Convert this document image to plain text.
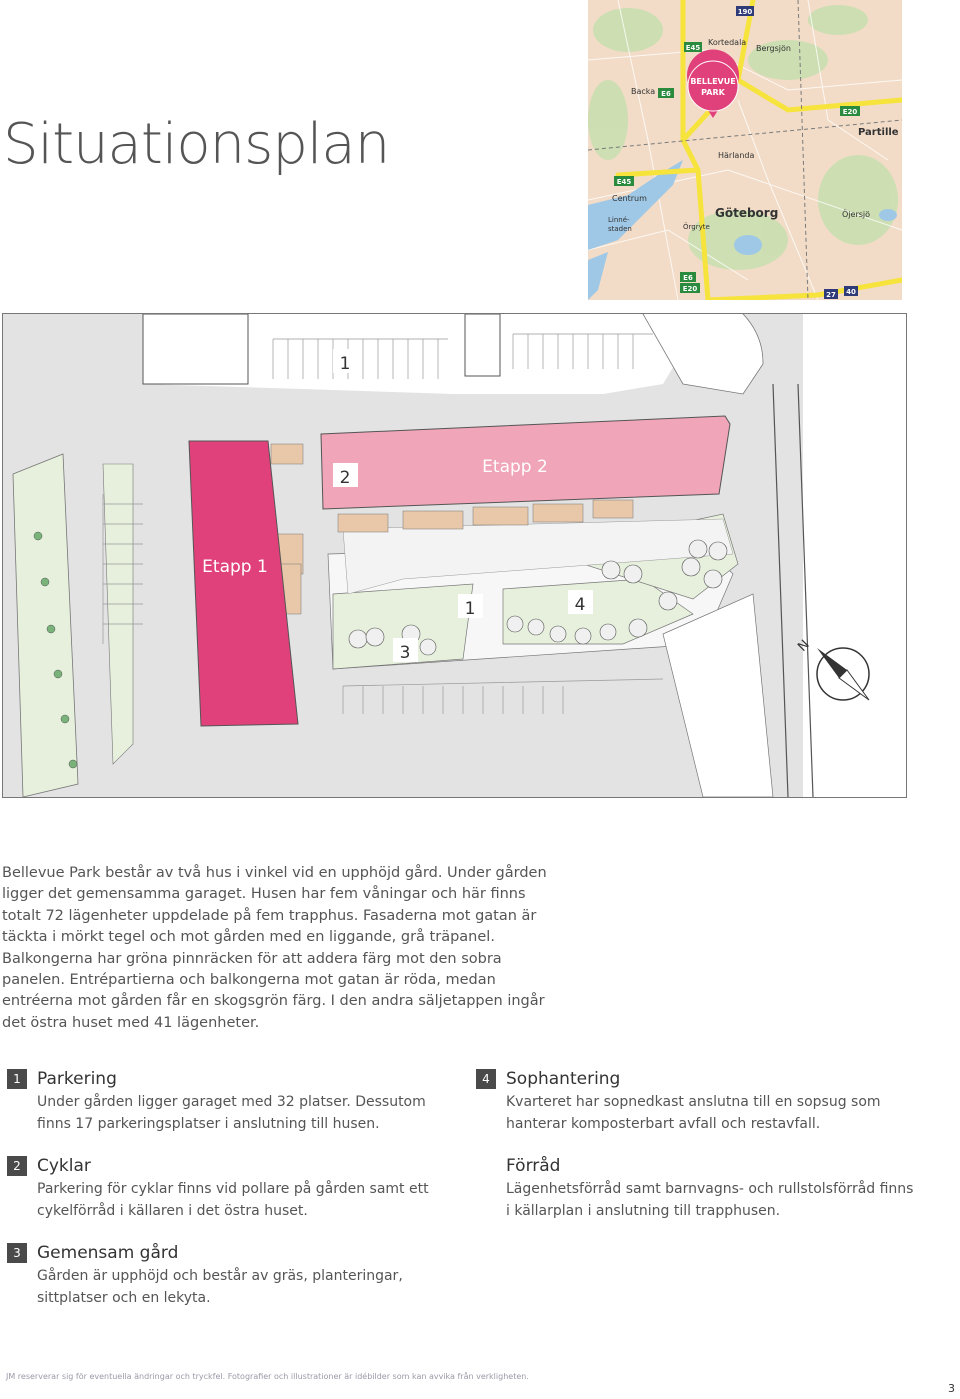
Situationsplan
190
E45
E6
E20
E45
E6
E20
27 40
Kortedala
Bergsjön
Backa
Partille
Härlanda
Centrum
Göteborg
Linné-
staden	Örgryte
Öjersjö
BELLEVUE
PARK
1
2
Etapp 2
Etapp 1
1	4
3	N
Bellevue Park består av två hus i vinkel vid en upphöjd gård. Under gården ligger det gemensamma garaget. Husen har fem våningar och här finns totalt 72 lägenheter uppdelade på fem trapphus. Fasaderna mot gatan är täckta i mörkt tegel och mot gården med en liggande, grå träpanel. Balkongerna har gröna pinnräcken för att addera färg mot den sobra panelen. Entrépartierna och balkongerna mot gatan är röda, medan entréerna mot gården får en skogsgrön färg. I den andra säljetappen ingår det östra huset med 41 lägenheter.
1 Parkering

Under gården ligger garaget med 32 platser. Dessutom finns 17 parkeringsplatser i anslutning till husen.

2 Cyklar

Parkering för cyklar finns vid pollare på gården samt ett cykelförråd i källaren i det östra huset.

3 Gemensam gård

Gården är upphöjd och består av gräs, planteringar, sittplatser och en lekyta.

4 Sophantering

Kvarteret har sopnedkast anslutna till en sopsug som hanterar komposterbart avfall och restavfall.

Förråd

Lägenhetsförråd samt barnvagns- och rullstolsförråd finns i källarplan i anslutning till trapphusen.

JM reserverar sig för eventuella ändringar och tryckfel. Fotografier och illustrationer är idébilder som kan avvika från verkligheten.
3
